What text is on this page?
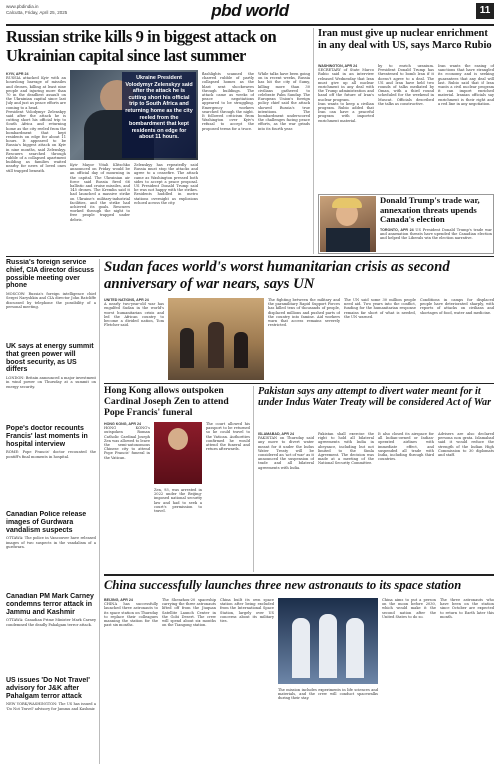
www.pbdindia.in
Calcutta, Friday, April 25, 2025	pbd world	11
Russian strike kills 9 in biggest attack on Ukrainian capital since last summer
KYIV, APR 24
RUSSIA attacked Kyiv with an hourslong barrage of missiles and drones, killing at least nine people and injuring more than 70 in the deadliest assault on the Ukrainian capital since last July and just as peace efforts are coming to a head.
President Volodymyr Zelenskyy said after the attack he is cutting short his official trip to South Africa and returning home as the city reeled from the bombardment that kept residents on edge for about 11 hours. It appeared to be Russia's biggest attack on Kyiv in nine months, said Zelenskyy. Rescuers searched through rubble of a collapsed apartment building as families waited nearby for news of loved ones still trapped beneath.
Ukraine President Volodymyr Zelenskyy said after the attack he is cutting short his official trip to South Africa and returning home as the city reeled from the bombardment that kept residents on edge for about 11 hours.
Kyiv Mayor Vitali Klitschko announced on Friday would be an official day of mourning in the capital. The Ukrainian air force said Russia fired 66 ballistic and cruise missiles, and 145 drones. The Kremlin said it had launched a massive strike on Ukraine's military-industrial facilities, and the strike had achieved its goals. Rescuers worked through the night to free people trapped under debris.
Zelenskyy has repeatedly said Russia must stop the attacks and agree to a ceasefire. The attack came as Washington pressed both sides to accept a peace proposal. US President Donald Trump said he was not happy with the strikes. Residents huddled in metro stations overnight as explosions echoed across the city.
flashlights scanned the charred rubble of partly collapsed homes as the blast sent shockwaves through buildings. The attack came as weeks of peace negotiations appeared to be struggling. Emergency workers searched through the night. It followed criticism from Washington over Kyiv's refusal to accept the proposed terms for a truce.
While talks have been going on in recent weeks, Russia has hit the city of Sumy, killing more than 30 civilians gathered to celebrate Palm Sunday. The European Union's foreign policy chief said the attack showed Russia's true intentions. The bombardment underscored the challenges facing peace efforts, as the war grinds into its fourth year.
Iran must give up nuclear enrichment in any deal with US, says Marco Rubio
WASHINGTON, APR 24
SECRETARY of State Marco Rubio said in an interview released Wednesday that Iran must give up all nuclear enrichment in any deal with the Trump administration and hand off the future of Iran's nuclear program.
Iran wants to keep a civilian program. Rubio added that Iran can have a peaceful program with imported enrichment material.
by to enrich uranium. President Donald Trump has threatened to bomb Iran if it doesn't agree to a deal. The US and Iran have held two rounds of talks mediated by Oman, with a third round scheduled for the weekend in Muscat. Officials described the talks as constructive.
Iran wants the easing of sanctions that have strangled its economy and is seeking guarantees that any deal will last. Rubio said that if Iran wants a civil nuclear program it can import enriched material. Iranian officials say enrichment is their right and a red line in any negotiation.
Donald Trump's trade war, annexation threats upends Canada's election
TORONTO, APR 24 US President Donald Trump's trade war and annexation threats have upended the Canadian election and helped the Liberals win the election narrative.
Russia's foreign service chief, CIA director discuss possible meeting over phone
MOSCOW: Russia's foreign intelligence chief Sergei Naryshkin and CIA director John Ratcliffe discussed by telephone the possibility of a personal meeting.
UK says at energy summit that green power will boost security, as US differs
LONDON: Britain announced a major investment in wind power on Thursday at a summit on energy security.
Pope's doctor recounts Francis' last moments in hospital interview
ROME: Pope Francis' doctor recounted the pontiff's final moments in hospital.
Canadian Police release images of Gurdwara vandalism suspects
OTTAWA: The police in Vancouver have released images of two suspects in the vandalism of a gurdwara.
Canadian PM Mark Carney condemns terror attack in Jammu and Kashmir
OTTAWA: Canadian Prime Minister Mark Carney condemned the deadly Pahalgam terror attack.
US issues 'Do Not Travel' advisory for J&K after Pahalgam terror attack
NEW YORK/WASHINGTON: The US has issued a 'Do Not Travel' advisory for Jammu and Kashmir.
Sudan faces world's worst humanitarian crisis as second anniversary of war nears, says UN
UNITED NATIONS, APR 24
A nearly two-year-old war has engulfed Sudan in the world's worst humanitarian crisis and led the African country to become a divided nation, Tom Fletcher said.
The fighting between the military and the paramilitary Rapid Support Forces has killed tens of thousands of people, displaced millions and pushed parts of the country into famine. Aid workers warn that access remains severely restricted.
The UN said some 30 million people need aid. Two years into the conflict, funding for the humanitarian response remains far short of what is needed, the UN warned.
Conditions in camps for displaced people have deteriorated sharply, with reports of attacks on civilians and shortages of food, water and medicine.
Hong Kong allows outspoken Cardinal Joseph Zen to attend Pope Francis' funeral
HONG KONG, APR 24
HONG KONG's outspoken Roman Catholic Cardinal Joseph Zen was allowed to leave the semi-autonomous Chinese city to attend Pope Francis' funeral in the Vatican.
Zen, 93, was arrested in 2022 under the Beijing-imposed national security law and had to seek a court's permission to travel.
The court allowed his passport to be returned so he could travel to the Vatican. Authorities confirmed he would attend the funeral and return afterwards.
Pakistan says any attempt to divert water meant for it under Indus Water Treaty will be considered Act of War
ISLAMABAD, APR 24
PAKISTAN on Thursday said any move to divert water meant for it under the Indus Water Treaty will be considered an 'act of war' as it announced the suspension of trade and all bilateral agreements with India.
Pakistan shall exercise the right to hold all bilateral agreements with India in abeyance, including but not limited to the Simla Agreement. The decision was made at a meeting of the National Security Committee.
It also closed its airspace for all Indian-owned or Indian-operated airlines with immediate effect, and suspended all trade with India, including through third countries.
Advisers are also declared persona non grata. Islamabad said it would reduce the strength of the Indian High Commission to 30 diplomats and staff.
China successfully launches three new astronauts to its space station
BEIJING, APR 24
CHINA has successfully launched three astronauts to its space station on Thursday to replace their colleagues manning the station for the past six months.
The Shenzhou-20 spaceship carrying the three astronauts lifted off from the Jiuquan Satellite Launch Center in the Gobi Desert. The crew will spend about six months on the Tiangong station.
China built its own space station after being excluded from the International Space Station, largely over US concerns about its military ties.
The mission includes experiments in life sciences and materials, and the crew will conduct spacewalks during their stay.
China aims to put a person on the moon before 2030, which would make it the second nation after the United States to do so.
The three astronauts who have been on the station since October are expected to return to Earth later this month.
